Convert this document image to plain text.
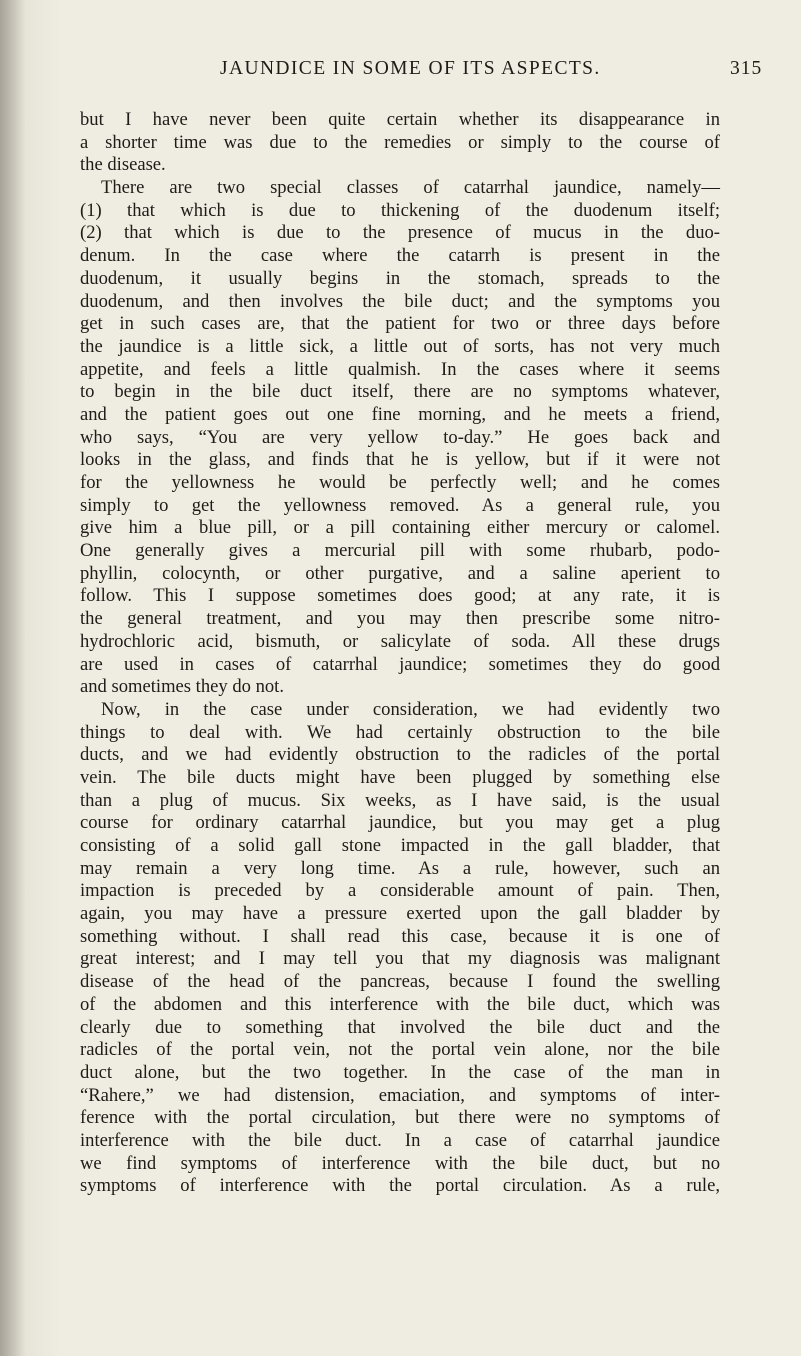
JAUNDICE IN SOME OF ITS ASPECTS.	315
but I have never been quite certain whether its disappearance in
a shorter time was due to the remedies or simply to the course of
the disease.
There are two special classes of catarrhal jaundice, namely—
(1) that which is due to thickening of the duodenum itself;
(2) that which is due to the presence of mucus in the duo-
denum. In the case where the catarrh is present in the
duodenum, it usually begins in the stomach, spreads to the
duodenum, and then involves the bile duct; and the symptoms you
get in such cases are, that the patient for two or three days before
the jaundice is a little sick, a little out of sorts, has not very much
appetite, and feels a little qualmish. In the cases where it seems
to begin in the bile duct itself, there are no symptoms whatever,
and the patient goes out one fine morning, and he meets a friend,
who says, “You are very yellow to-day.” He goes back and
looks in the glass, and finds that he is yellow, but if it were not
for the yellowness he would be perfectly well; and he comes
simply to get the yellowness removed. As a general rule, you
give him a blue pill, or a pill containing either mercury or calomel.
One generally gives a mercurial pill with some rhubarb, podo-
phyllin, colocynth, or other purgative, and a saline aperient to
follow. This I suppose sometimes does good; at any rate, it is
the general treatment, and you may then prescribe some nitro-
hydrochloric acid, bismuth, or salicylate of soda. All these drugs
are used in cases of catarrhal jaundice; sometimes they do good
and sometimes they do not.
Now, in the case under consideration, we had evidently two
things to deal with. We had certainly obstruction to the bile
ducts, and we had evidently obstruction to the radicles of the portal
vein. The bile ducts might have been plugged by something else
than a plug of mucus. Six weeks, as I have said, is the usual
course for ordinary catarrhal jaundice, but you may get a plug
consisting of a solid gall stone impacted in the gall bladder, that
may remain a very long time. As a rule, however, such an
impaction is preceded by a considerable amount of pain. Then,
again, you may have a pressure exerted upon the gall bladder by
something without. I shall read this case, because it is one of
great interest; and I may tell you that my diagnosis was malignant
disease of the head of the pancreas, because I found the swelling
of the abdomen and this interference with the bile duct, which was
clearly due to something that involved the bile duct and the
radicles of the portal vein, not the portal vein alone, nor the bile
duct alone, but the two together. In the case of the man in
“Rahere,” we had distension, emaciation, and symptoms of inter-
ference with the portal circulation, but there were no symptoms of
interference with the bile duct. In a case of catarrhal jaundice
we find symptoms of interference with the bile duct, but no
symptoms of interference with the portal circulation. As a rule,
